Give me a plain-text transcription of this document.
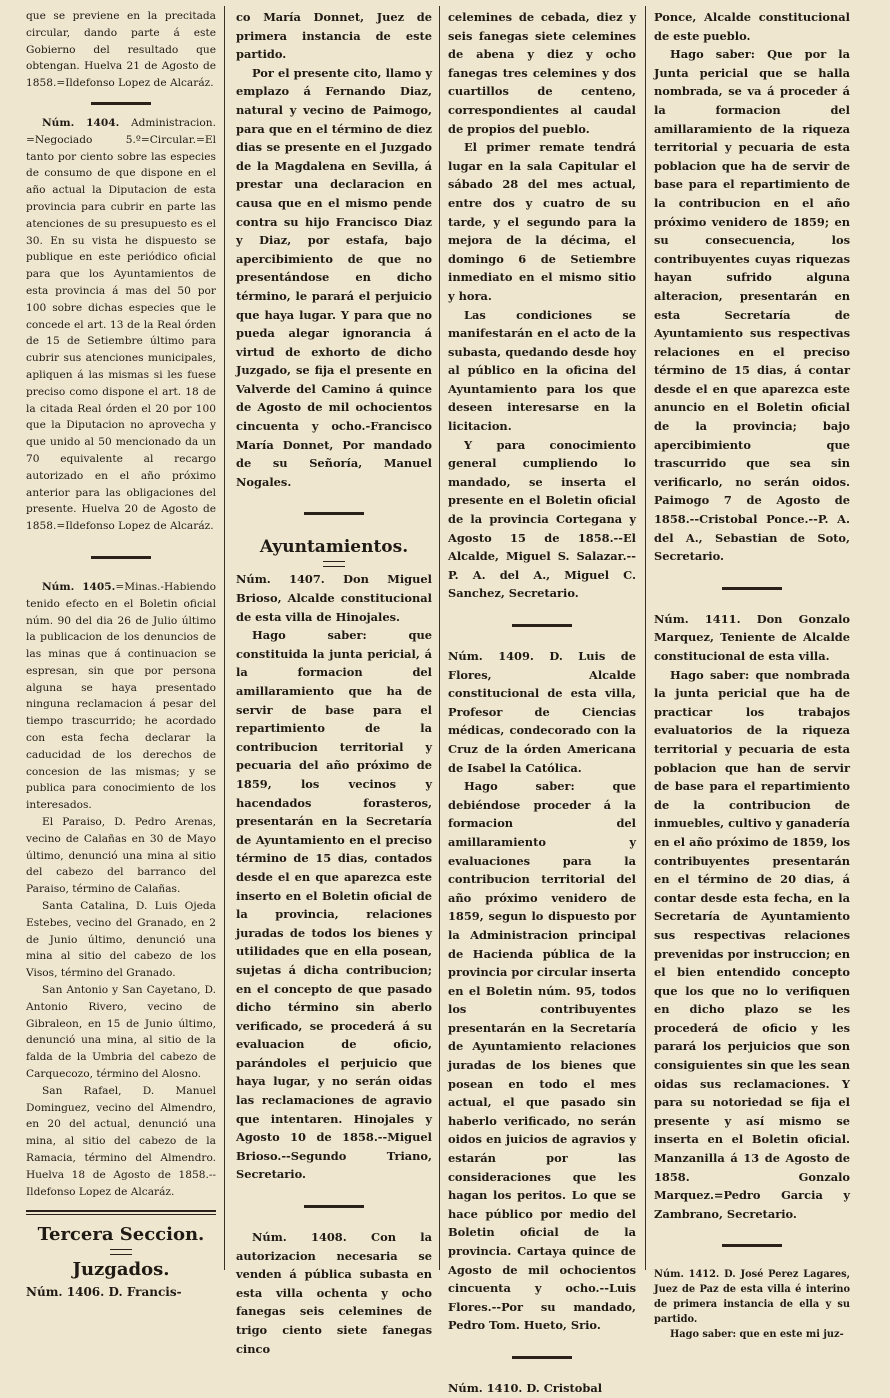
que se previene en la precitada circular, dando parte á este Gobierno del resultado que obtengan. Huelva 21 de Agosto de 1858.=Ildefonso Lopez de Alcaráz.

Núm. 1404. Administracion. =Negociado 5.º=Circular.=El tanto por ciento sobre las especies de consumo de que dispone en el año actual la Diputacion de esta provincia para cubrir en parte las atenciones de su presupuesto es el 30. En su vista he dispuesto se publique en este periódico oficial para que los Ayuntamientos de esta provincia á mas del 50 por 100 sobre dichas especies que le concede el art. 13 de la Real órden de 15 de Setiembre último para cubrir sus atenciones municipales, apliquen á las mismas si les fuese preciso como dispone el art. 18 de la citada Real órden el 20 por 100 que la Diputacion no aprovecha y que unido al 50 mencionado da un 70 equivalente al recargo autorizado en el año próximo anterior para las obligaciones del presente. Huelva 20 de Agosto de 1858.=Ildefonso Lopez de Alcaráz.

Núm. 1405.=Minas.-Habiendo tenido efecto en el Boletin oficial núm. 90 del dia 26 de Julio último la publicacion de los denuncios de las minas que á continuacion se espresan, sin que por persona alguna se haya presentado ninguna reclamacion á pesar del tiempo trascurrido; he acordado con esta fecha declarar la caducidad de los derechos de concesion de las mismas; y se publica para conocimiento de los interesados.

El Paraiso, D. Pedro Arenas, vecino de Calañas en 30 de Mayo último, denunció una mina al sitio del cabezo del barranco del Paraiso, término de Calañas.

Santa Catalina, D. Luis Ojeda Estebes, vecino del Granado, en 2 de Junio último, denunció una mina al sitio del cabezo de los Visos, término del Granado.

San Antonio y San Cayetano, D. Antonio Rivero, vecino de Gibraleon, en 15 de Junio último, denunció una mina, al sitio de la falda de la Umbria del cabezo de Carquecozo, término del Alosno.

San Rafael, D. Manuel Dominguez, vecino del Almendro, en 20 del actual, denunció una mina, al sitio del cabezo de la Ramacia, término del Almendro. Huelva 18 de Agosto de 1858.--Ildefonso Lopez de Alcaráz.

Tercera Seccion.
Juzgados.

Núm. 1406. D. Francis-

co María Donnet, Juez de primera instancia de este partido.

Por el presente cito, llamo y emplazo á Fernando Diaz, natural y vecino de Paimogo, para que en el término de diez dias se presente en el Juzgado de la Magdalena en Sevilla, á prestar una declaracion en causa que en el mismo pende contra su hijo Francisco Diaz y Diaz, por estafa, bajo apercibimiento de que no presentándose en dicho término, le parará el perjuicio que haya lugar. Y para que no pueda alegar ignorancia á virtud de exhorto de dicho Juzgado, se fija el presente en Valverde del Camino á quince de Agosto de mil ochocientos cincuenta y ocho.-Francisco María Donnet, Por mandado de su Señoría, Manuel Nogales.

Ayuntamientos.

Núm. 1407. Don Miguel Brioso, Alcalde constitucional de esta villa de Hinojales.

Hago saber: que constituida la junta pericial, á la formacion del amillaramiento que ha de servir de base para el repartimiento de la contribucion territorial y pecuaria del año próximo de 1859, los vecinos y hacendados forasteros, presentarán en la Secretaría de Ayuntamiento en el preciso término de 15 dias, contados desde el en que aparezca este inserto en el Boletin oficial de la provincia, relaciones juradas de todos los bienes y utilidades que en ella posean, sujetas á dicha contribucion; en el concepto de que pasado dicho término sin aberlo verificado, se procederá á su evaluacion de oficio, parándoles el perjuicio que haya lugar, y no serán oidas las reclamaciones de agravio que intentaren. Hinojales y Agosto 10 de 1858.--Miguel Brioso.--Segundo Triano, Secretario.

Núm. 1408. Con la autorizacion necesaria se venden á pública subasta en esta villa ochenta y ocho fanegas seis celemines de trigo ciento siete fanegas cinco

celemines de cebada, diez y seis fanegas siete celemines de abena y diez y ocho fanegas tres celemines y dos cuartillos de centeno, correspondientes al caudal de propios del pueblo.

El primer remate tendrá lugar en la sala Capitular el sábado 28 del mes actual, entre dos y cuatro de su tarde, y el segundo para la mejora de la décima, el domingo 6 de Setiembre inmediato en el mismo sitio y hora.

Las condiciones se manifestarán en el acto de la subasta, quedando desde hoy al público en la oficina del Ayuntamiento para los que deseen interesarse en la licitacion.

Y para conocimiento general cumpliendo lo mandado, se inserta el presente en el Boletin oficial de la provincia Cortegana y Agosto 15 de 1858.--El Alcalde, Miguel S. Salazar.--P. A. del A., Miguel C. Sanchez, Secretario.

Núm. 1409. D. Luis de Flores, Alcalde constitucional de esta villa, Profesor de Ciencias médicas, condecorado con la Cruz de la órden Americana de Isabel la Católica.

Hago saber: que debiéndose proceder á la formacion del amillaramiento y evaluaciones para la contribucion territorial del año próximo venidero de 1859, segun lo dispuesto por la Administracion principal de Hacienda pública de la provincia por circular inserta en el Boletin núm. 95, todos los contribuyentes presentarán en la Secretaría de Ayuntamiento relaciones juradas de los bienes que posean en todo el mes actual, el que pasado sin haberlo verificado, no serán oidos en juicios de agravios y estarán por las consideraciones que les hagan los peritos. Lo que se hace público por medio del Boletin oficial de la provincia. Cartaya quince de Agosto de mil ochocientos cincuenta y ocho.--Luis Flores.--Por su mandado, Pedro Tom. Hueto, Srio.

Núm. 1410. D. Cristobal

Ponce, Alcalde constitucional de este pueblo.

Hago saber: Que por la Junta pericial que se halla nombrada, se va á proceder á la formacion del amillaramiento de la riqueza territorial y pecuaria de esta poblacion que ha de servir de base para el repartimiento de la contribucion en el año próximo venidero de 1859; en su consecuencia, los contribuyentes cuyas riquezas hayan sufrido alguna alteracion, presentarán en esta Secretaría de Ayuntamiento sus respectivas relaciones en el preciso término de 15 dias, á contar desde el en que aparezca este anuncio en el Boletin oficial de la provincia; bajo apercibimiento que trascurrido que sea sin verificarlo, no serán oidos. Paimogo 7 de Agosto de 1858.--Cristobal Ponce.--P. A. del A., Sebastian de Soto, Secretario.

Núm. 1411. Don Gonzalo Marquez, Teniente de Alcalde constitucional de esta villa.

Hago saber: que nombrada la junta pericial que ha de practicar los trabajos evaluatorios de la riqueza territorial y pecuaria de esta poblacion que han de servir de base para el repartimiento de la contribucion de inmuebles, cultivo y ganadería en el año próximo de 1859, los contribuyentes presentarán en el término de 20 dias, á contar desde esta fecha, en la Secretaría de Ayuntamiento sus respectivas relaciones prevenidas por instruccion; en el bien entendido concepto que los que no lo verifiquen en dicho plazo se les procederá de oficio y les parará los perjuicios que son consiguientes sin que les sean oidas sus reclamaciones. Y para su notoriedad se fija el presente y así mismo se inserta en el Boletin oficial. Manzanilla á 13 de Agosto de 1858. Gonzalo Marquez.=Pedro Garcia y Zambrano, Secretario.

Núm. 1412. D. José Perez Lagares, Juez de Paz de esta villa é interino de primera instancia de ella y su partido.

Hago saber: que en este mi juz-
